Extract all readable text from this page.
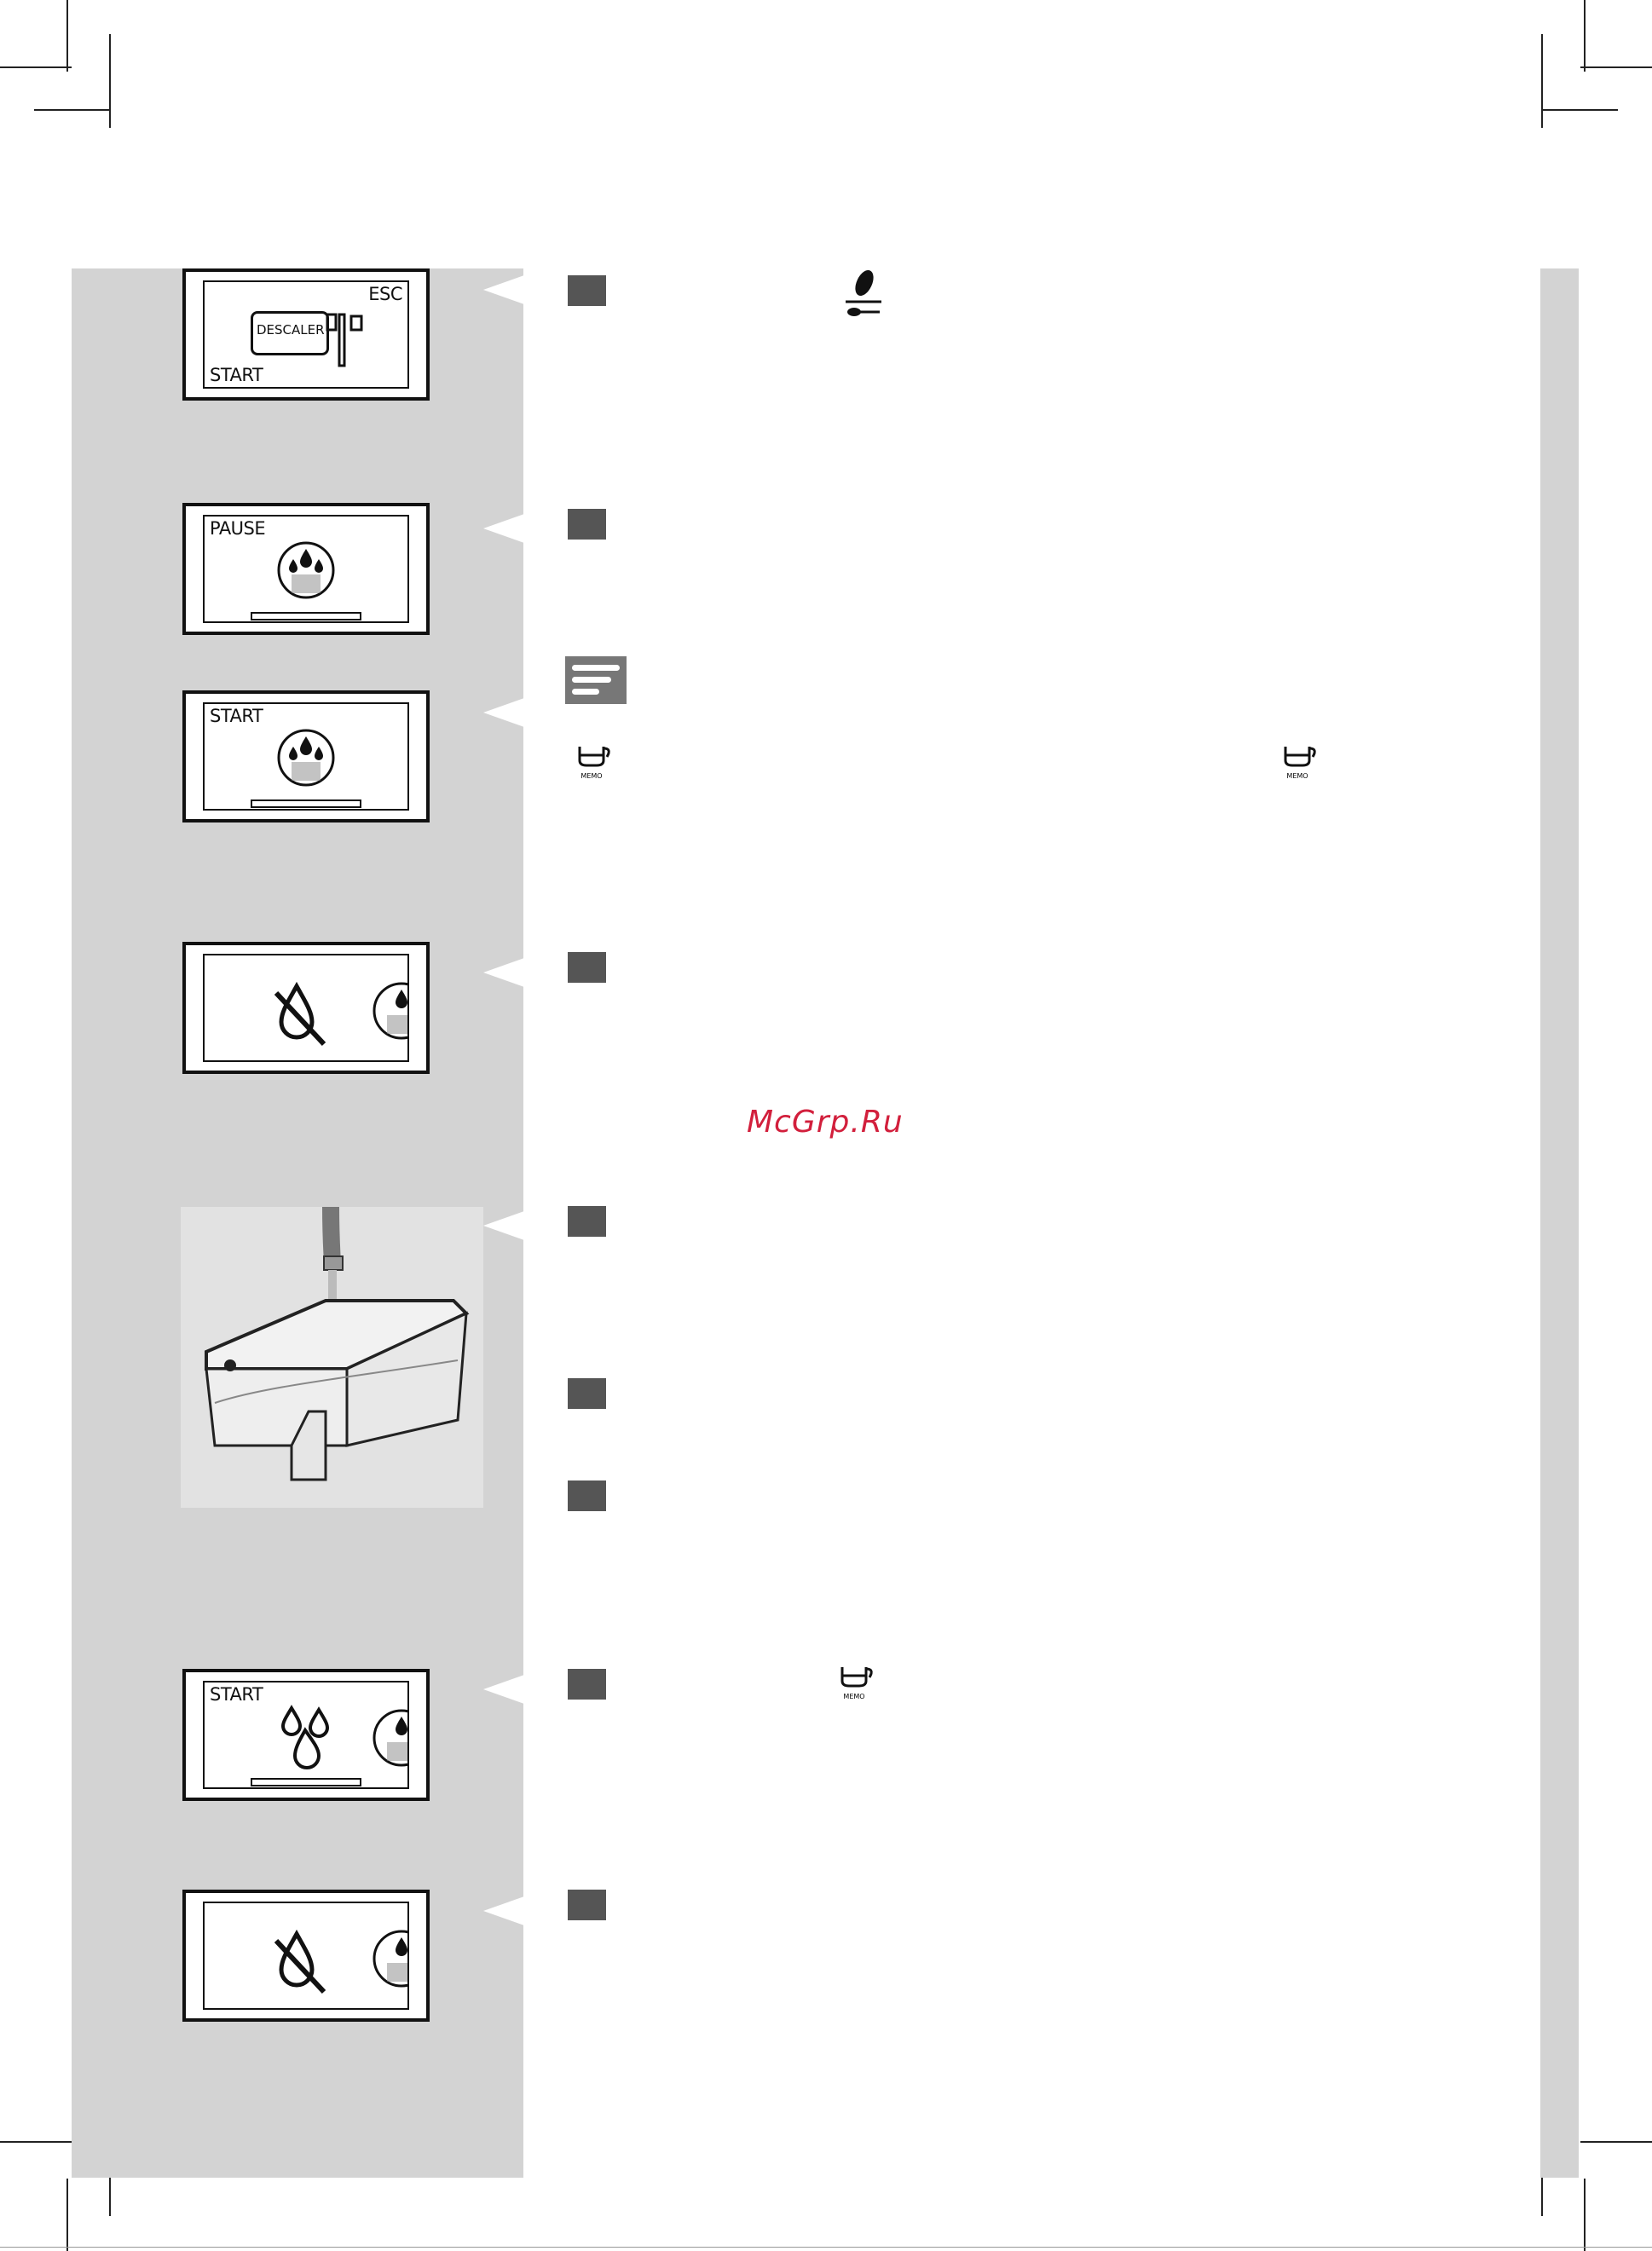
ESC
START
DESCALER
PAUSE
START
START
MEMO	MEMO
MEMO
McGrp.Ru
